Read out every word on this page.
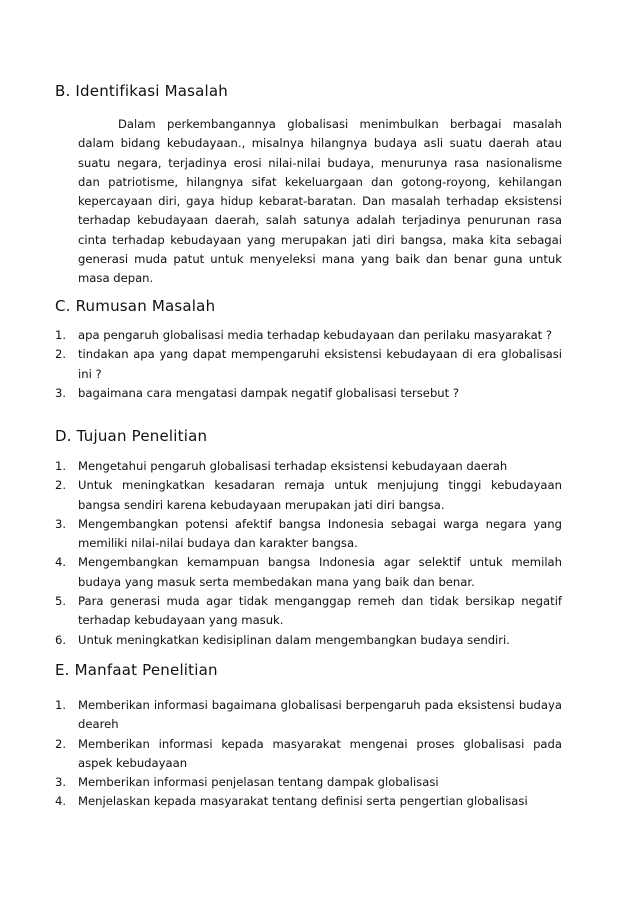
B. Identifikasi Masalah

Dalam perkembangannya globalisasi menimbulkan berbagai masalah dalam bidang kebudayaan., misalnya hilangnya budaya asli suatu daerah atau suatu negara, terjadinya erosi nilai-nilai budaya, menurunya rasa nasionalisme dan patriotisme, hilangnya sifat kekeluargaan dan gotong-royong, kehilangan kepercayaan diri, gaya hidup kebarat-baratan. Dan masalah terhadap eksistensi terhadap kebudayaan daerah, salah satunya adalah terjadinya penurunan rasa cinta terhadap kebudayaan yang merupakan jati diri bangsa, maka kita sebagai generasi muda patut untuk menyeleksi mana yang baik dan benar guna untuk masa depan.

C. Rumusan Masalah
1. apa pengaruh globalisasi media terhadap kebudayaan dan perilaku masyarakat ?
2. tindakan apa yang dapat mempengaruhi eksistensi kebudayaan di era globalisasi ini ?
3. bagaimana cara mengatasi dampak negatif globalisasi tersebut ?
D. Tujuan Penelitian
1. Mengetahui pengaruh globalisasi terhadap eksistensi kebudayaan daerah
2. Untuk meningkatkan kesadaran remaja untuk menjujung tinggi kebudayaan bangsa sendiri karena kebudayaan merupakan jati diri bangsa.
3. Mengembangkan potensi afektif bangsa Indonesia sebagai warga negara yang memiliki nilai-nilai budaya dan karakter bangsa.
4. Mengembangkan kemampuan bangsa Indonesia agar selektif untuk memilah budaya yang masuk serta membedakan mana yang baik dan benar.
5. Para generasi muda agar tidak menganggap remeh dan tidak bersikap negatif terhadap kebudayaan yang masuk.
6. Untuk meningkatkan kedisiplinan dalam mengembangkan budaya sendiri.
E. Manfaat Penelitian
1. Memberikan informasi bagaimana globalisasi berpengaruh pada eksistensi budaya deareh
2. Memberikan informasi kepada masyarakat mengenai proses globalisasi pada aspek kebudayaan
3. Memberikan informasi penjelasan tentang dampak globalisasi
4. Menjelaskan kepada masyarakat tentang definisi serta pengertian globalisasi
